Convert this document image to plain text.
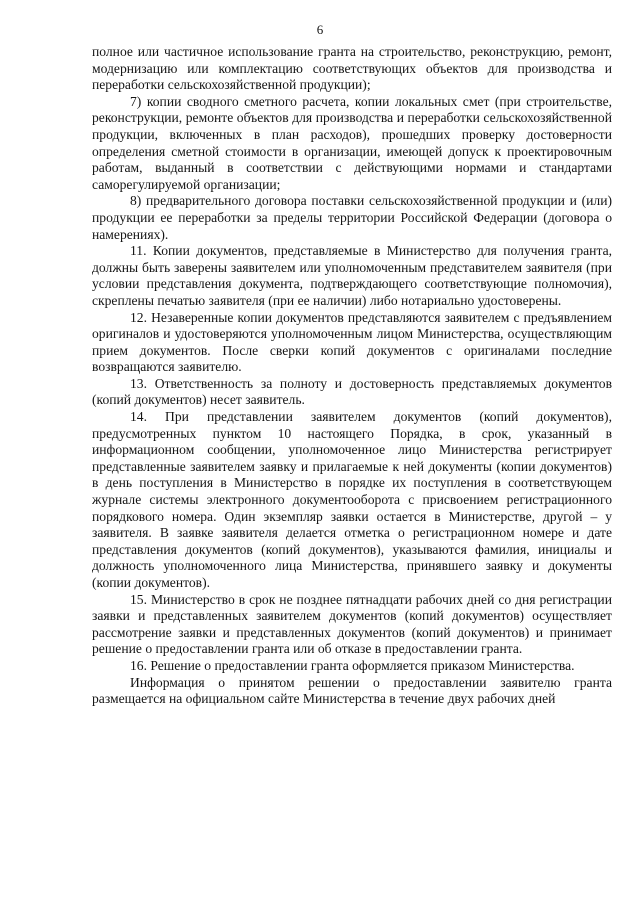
6

полное или частичное использование гранта на строительство, реконструкцию, ремонт, модернизацию или комплектацию соответствующих объектов для производства и переработки сельскохозяйственной продукции);

7) копии сводного сметного расчета, копии локальных смет (при строительстве, реконструкции, ремонте объектов для производства и переработки сельскохозяйственной продукции, включенных в план расходов), прошедших проверку достоверности определения сметной стоимости в организации, имеющей допуск к проектировочным работам, выданный в соответствии с действующими нормами и стандартами саморегулируемой организации;

8) предварительного договора поставки сельскохозяйственной продукции и (или) продукции ее переработки за пределы территории Российской Федерации (договора о намерениях).

11. Копии документов, представляемые в Министерство для получения гранта, должны быть заверены заявителем или уполномоченным представителем заявителя (при условии представления документа, подтверждающего соответствующие полномочия), скреплены печатью заявителя (при ее наличии) либо нотариально удостоверены.

12. Незаверенные копии документов представляются заявителем с предъявлением оригиналов и удостоверяются уполномоченным лицом Министерства, осуществляющим прием документов. После сверки копий документов с оригиналами последние возвращаются заявителю.

13. Ответственность за полноту и достоверность представляемых документов (копий документов) несет заявитель.

14. При представлении заявителем документов (копий документов), предусмотренных пунктом 10 настоящего Порядка, в срок, указанный в информационном сообщении, уполномоченное лицо Министерства регистрирует представленные заявителем заявку и прилагаемые к ней документы (копии документов) в день поступления в Министерство в порядке их поступления в соответствующем журнале системы электронного документооборота с присвоением регистрационного порядкового номера. Один экземпляр заявки остается в Министерстве, другой – у заявителя. В заявке заявителя делается отметка о регистрационном номере и дате представления документов (копий документов), указываются фамилия, инициалы и должность уполномоченного лица Министерства, принявшего заявку и документы (копии документов).

15. Министерство в срок не позднее пятнадцати рабочих дней со дня регистрации заявки и представленных заявителем документов (копий документов) осуществляет рассмотрение заявки и представленных документов (копий документов) и принимает решение о предоставлении гранта или об отказе в предоставлении гранта.

16. Решение о предоставлении гранта оформляется приказом Министерства.

Информация о принятом решении о предоставлении заявителю гранта размещается на официальном сайте Министерства в течение двух рабочих дней
